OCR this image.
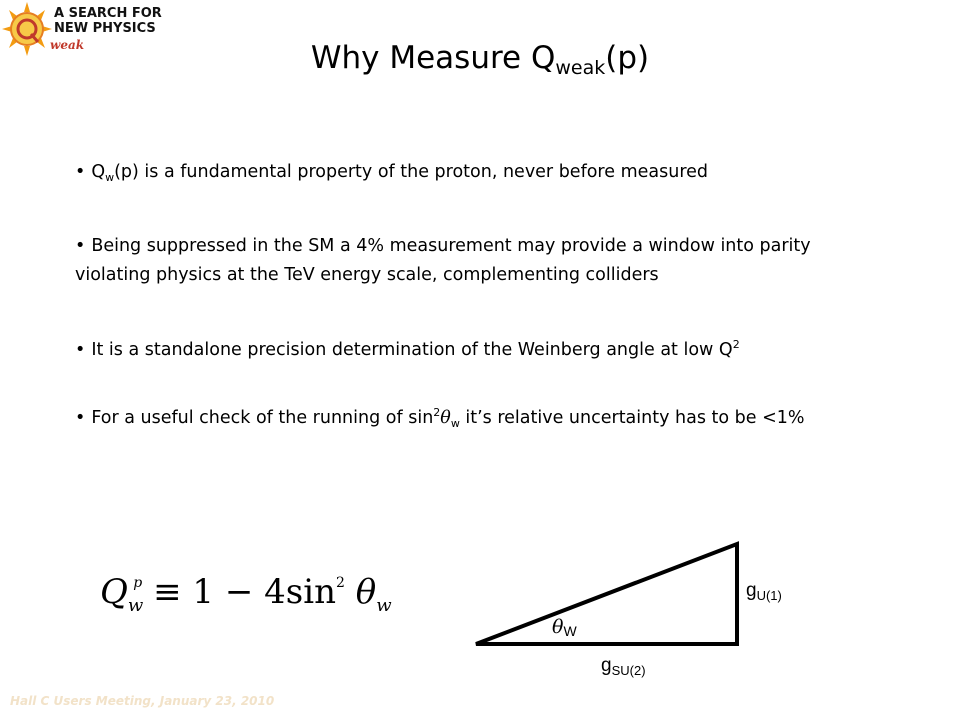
A SEARCH FOR
NEW PHYSICS
weak	Why Measure $Q_{weak}(p)$
• $Q_w(p)$ is a fundamental property of the proton, never before measured
• Being suppressed in the SM a 4% measurement may provide a window into parity violating physics at the TeV energy scale, complementing colliders
• It is a standalone precision determination of the Weinberg angle at low $Q^2$
• For a useful check of the running of $\sin^2\theta_w$ it’s relative uncertainty has to be <1%
$Q_w^p \equiv 1 - 4\sin^2$ $\theta_w$
$g_{U(1)}$
$g_{SU(2)}$
θW
Hall C Users Meeting, January 23, 2010
